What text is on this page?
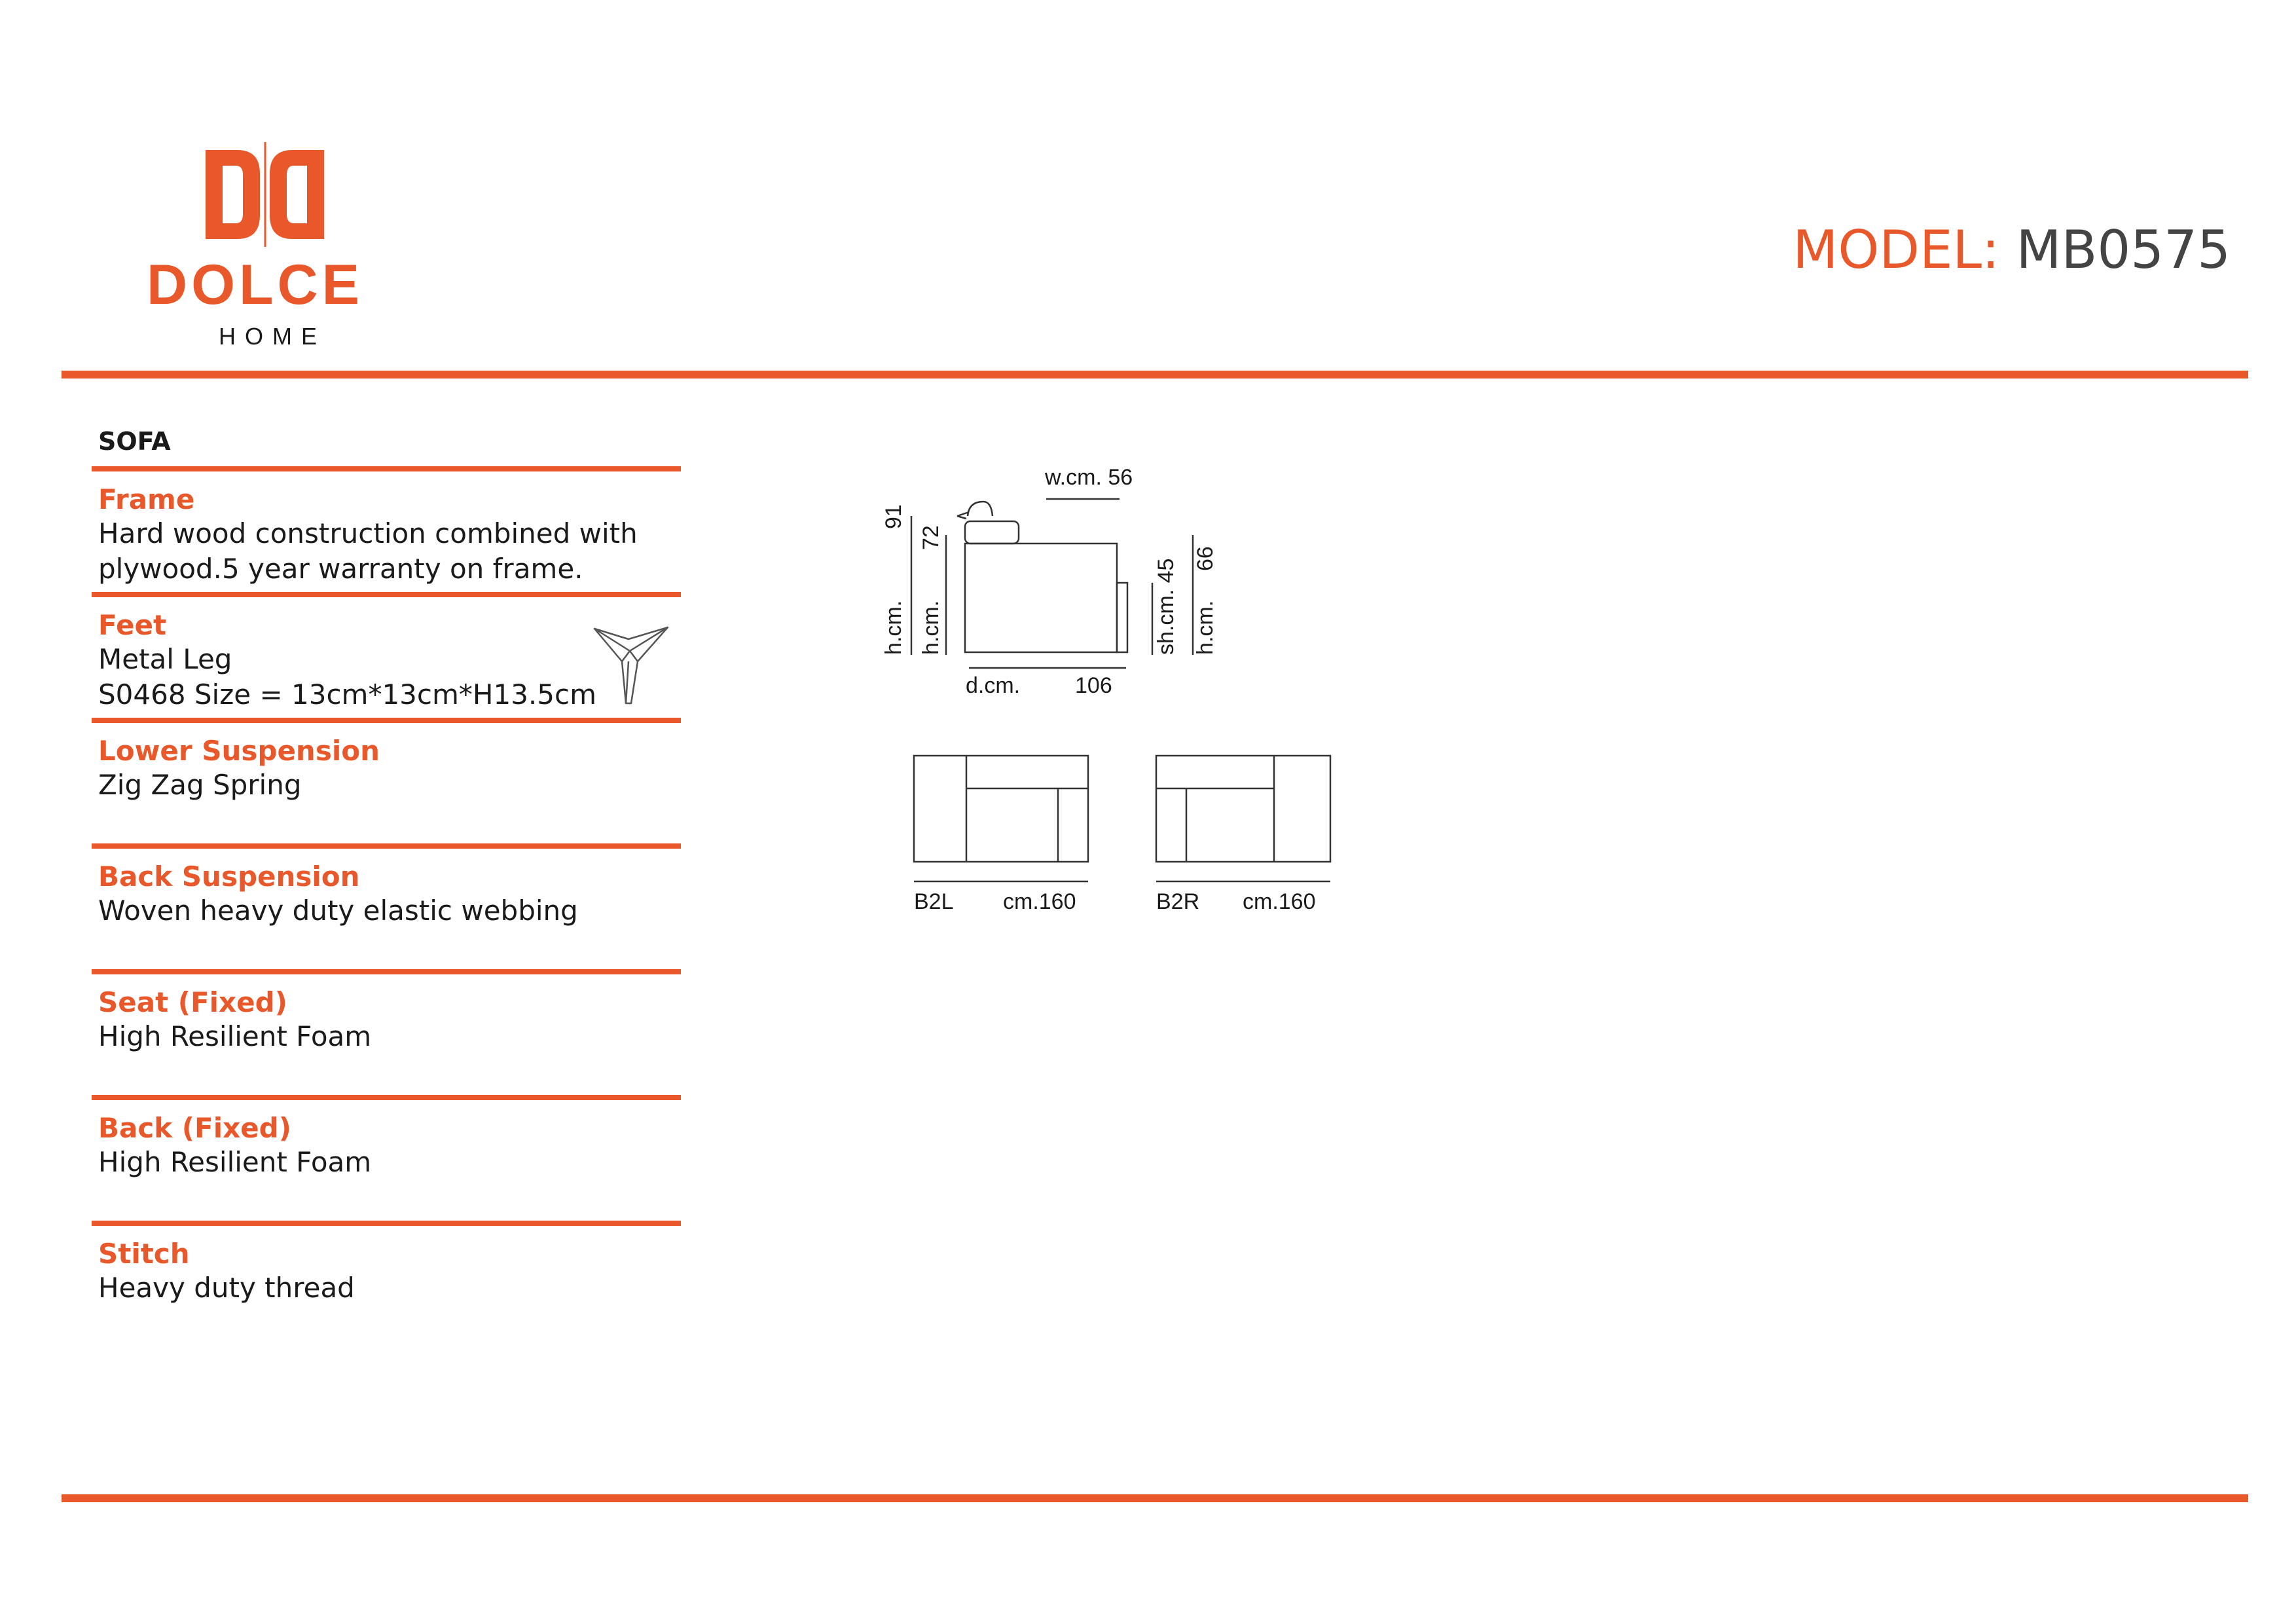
DOLCE
HOME
MODEL: MB0575
SOFA
Frame
Hard wood construction combined with
plywood.5 year warranty on frame.
Feet
Metal Leg
S0468 Size = 13cm*13cm*H13.5cm
Lower Suspension
Zig Zag Spring
Back Suspension
Woven heavy duty elastic webbing
Seat (Fixed)
High Resilient Foam
Back (Fixed)
High Resilient Foam
Stitch
Heavy duty thread
w.cm. 56
d.cm. 106
h.cm.
91
h.cm.
72
sh.cm. 45 h.cm.
66
B2L cm.160	B2R cm.160
